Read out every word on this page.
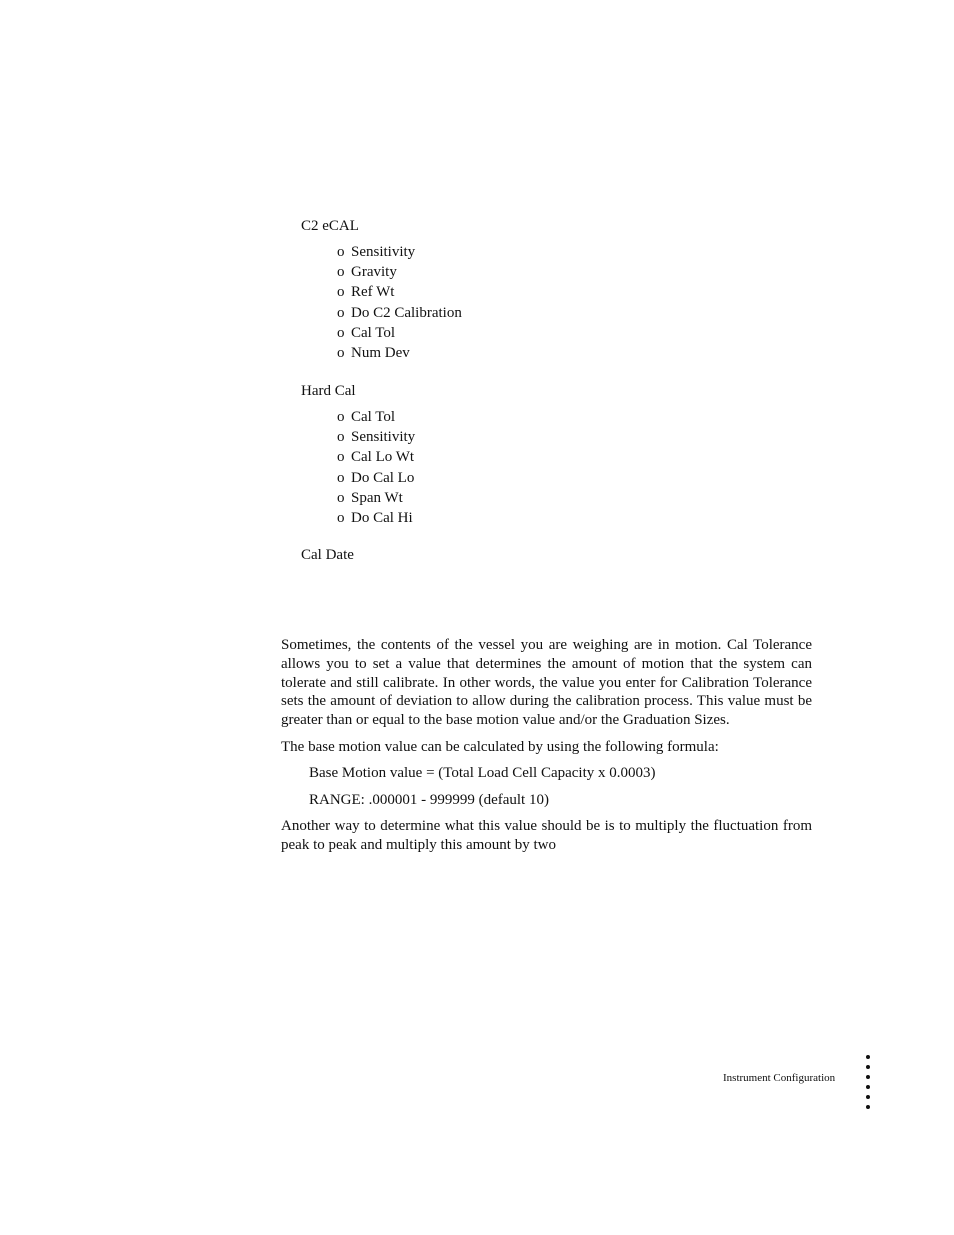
C2 eCAL

o Sensitivity
o Gravity
o Ref Wt
o Do C2 Calibration
o Cal Tol
o Num Dev

Hard Cal

o Cal Tol
o Sensitivity
o Cal Lo Wt
o Do Cal Lo
o Span Wt
o Do Cal Hi

Cal Date

Sometimes, the contents of the vessel you are weighing are in motion. Cal Tolerance allows you to set a value that determines the amount of motion that the system can tolerate and still calibrate. In other words, the value you enter for Calibration Tolerance sets the amount of deviation to allow during the calibration process. This value must be greater than or equal to the base motion value and/or the Graduation Sizes.

The base motion value can be calculated by using the following formula:

Base Motion value = (Total Load Cell Capacity x 0.0003)

RANGE: .000001 - 999999 (default 10)

Another way to determine what this value should be is to multiply the fluctuation from peak to peak and multiply this amount by two

Instrument Configuration
